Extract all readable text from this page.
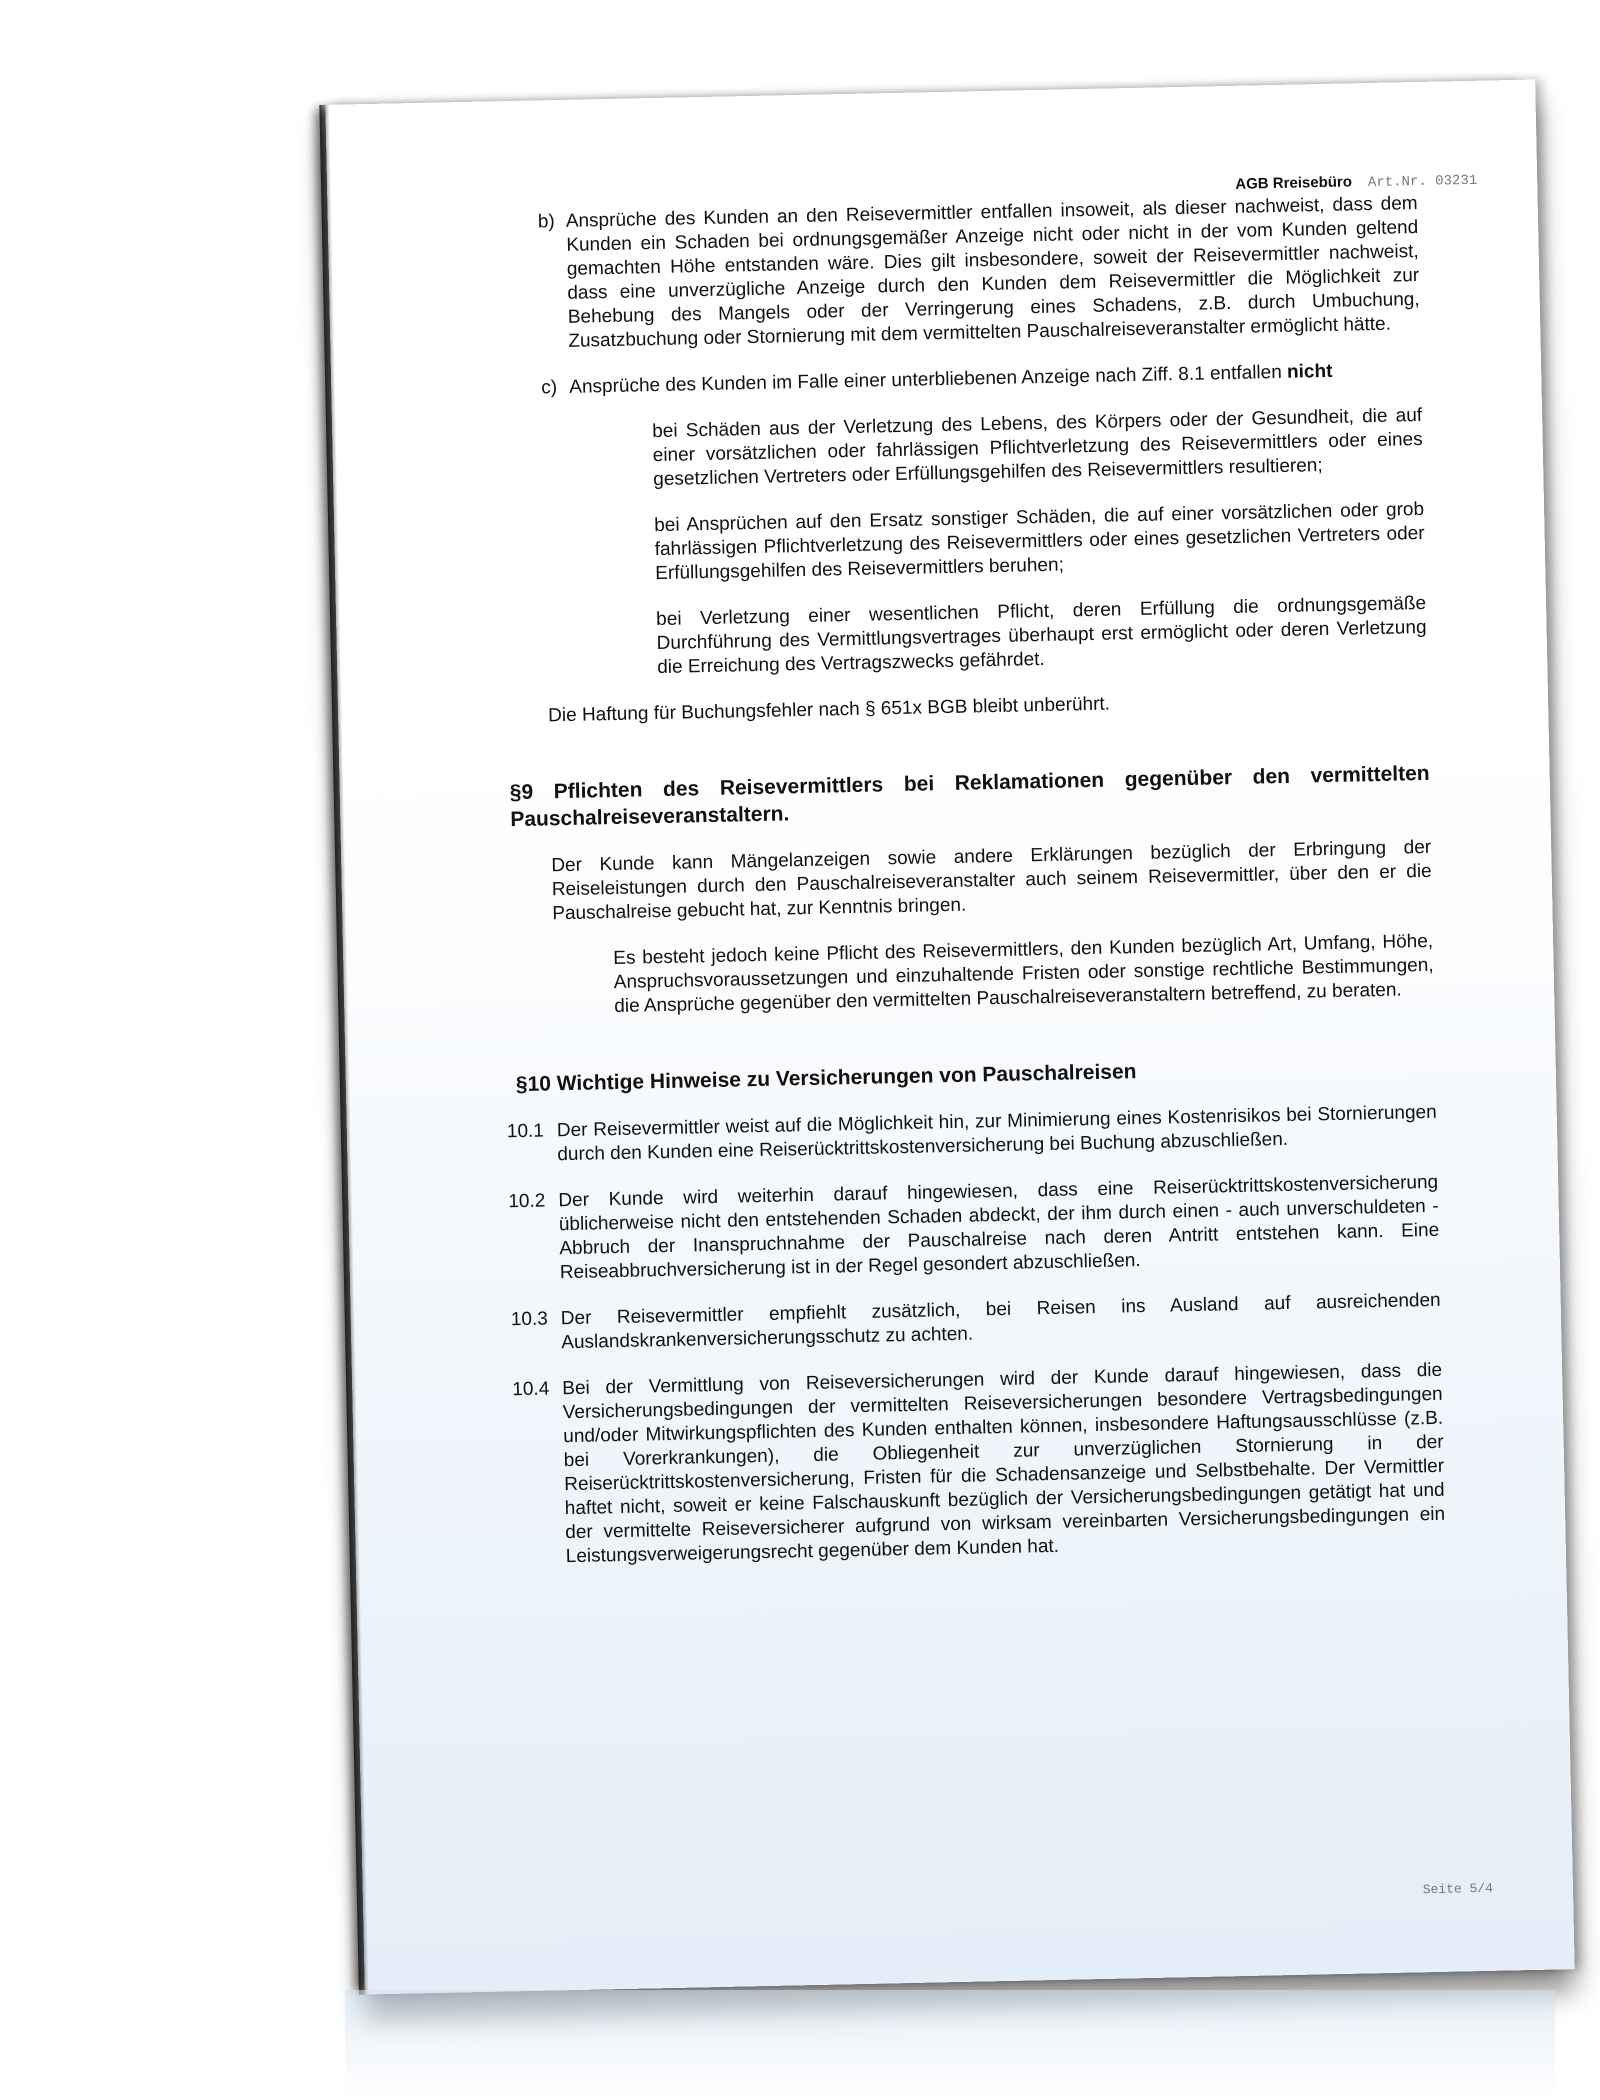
AGB Rreisebüro Art.Nr. 03231
b) Ansprüche des Kunden an den Reisevermittler entfallen insoweit, als dieser nachweist, dass dem Kunden ein Schaden bei ordnungsgemäßer Anzeige nicht oder nicht in der vom Kunden geltend gemachten Höhe entstanden wäre. Dies gilt insbesondere, soweit der Reisevermittler nachweist, dass eine unverzügliche Anzeige durch den Kunden dem Reisevermittler die Möglichkeit zur Behebung des Mangels oder der Verringerung eines Schadens, z.B. durch Umbuchung, Zusatzbuchung oder Stornierung mit dem vermittelten Pauschalreiseveranstalter ermöglicht hätte.
c) Ansprüche des Kunden im Falle einer unterbliebenen Anzeige nach Ziff. 8.1 entfallen nicht

bei Schäden aus der Verletzung des Lebens, des Körpers oder der Gesundheit, die auf einer vorsätzlichen oder fahrlässigen Pflichtverletzung des Reisevermittlers oder eines gesetzlichen Vertreters oder Erfüllungsgehilfen des Reisevermittlers resultieren;

bei Ansprüchen auf den Ersatz sonstiger Schäden, die auf einer vorsätzlichen oder grob fahrlässigen Pflichtverletzung des Reisevermittlers oder eines gesetzlichen Vertreters oder Erfüllungsgehilfen des Reisevermittlers beruhen;

bei Verletzung einer wesentlichen Pflicht, deren Erfüllung die ordnungsgemäße Durchführung des Vermittlungsvertrages überhaupt erst ermöglicht oder deren Verletzung die Erreichung des Vertragszwecks gefährdet.

Die Haftung für Buchungsfehler nach § 651x BGB bleibt unberührt.

§9 Pflichten des Reisevermittlers bei Reklamationen gegenüber den vermittelten Pauschalreiseveranstaltern.

Der Kunde kann Mängelanzeigen sowie andere Erklärungen bezüglich der Erbringung der Reiseleistungen durch den Pauschalreiseveranstalter auch seinem Reisevermittler, über den er die Pauschalreise gebucht hat, zur Kenntnis bringen.

Es besteht jedoch keine Pflicht des Reisevermittlers, den Kunden bezüglich Art, Umfang, Höhe, Anspruchsvoraussetzungen und einzuhaltende Fristen oder sonstige rechtliche Bestimmungen, die Ansprüche gegenüber den vermittelten Pauschalreiseveranstaltern betreffend, zu beraten.

§10 Wichtige Hinweise zu Versicherungen von Pauschalreisen
10.1 Der Reisevermittler weist auf die Möglichkeit hin, zur Minimierung eines Kostenrisikos bei Stornierungen durch den Kunden eine Reiserücktrittskostenversicherung bei Buchung abzuschließen.
10.2 Der Kunde wird weiterhin darauf hingewiesen, dass eine Reiserücktrittskostenversicherung üblicherweise nicht den entstehenden Schaden abdeckt, der ihm durch einen - auch unverschuldeten - Abbruch der Inanspruchnahme der Pauschalreise nach deren Antritt entstehen kann. Eine Reiseabbruchversicherung ist in der Regel gesondert abzuschließen.
10.3 Der Reisevermittler empfiehlt zusätzlich, bei Reisen ins Ausland auf ausreichenden Auslandskrankenversicherungsschutz zu achten.
10.4 Bei der Vermittlung von Reiseversicherungen wird der Kunde darauf hingewiesen, dass die Versicherungsbedingungen der vermittelten Reiseversicherungen besondere Vertragsbedingungen und/oder Mitwirkungspflichten des Kunden enthalten können, insbesondere Haftungsausschlüsse (z.B. bei Vorerkrankungen), die Obliegenheit zur unverzüglichen Stornierung in der Reiserücktrittskostenversicherung, Fristen für die Schadensanzeige und Selbstbehalte. Der Vermittler haftet nicht, soweit er keine Falschauskunft bezüglich der Versicherungsbedingungen getätigt hat und der vermittelte Reiseversicherer aufgrund von wirksam vereinbarten Versicherungsbedingungen ein Leistungsverweigerungsrecht gegenüber dem Kunden hat.
Seite 5/4
